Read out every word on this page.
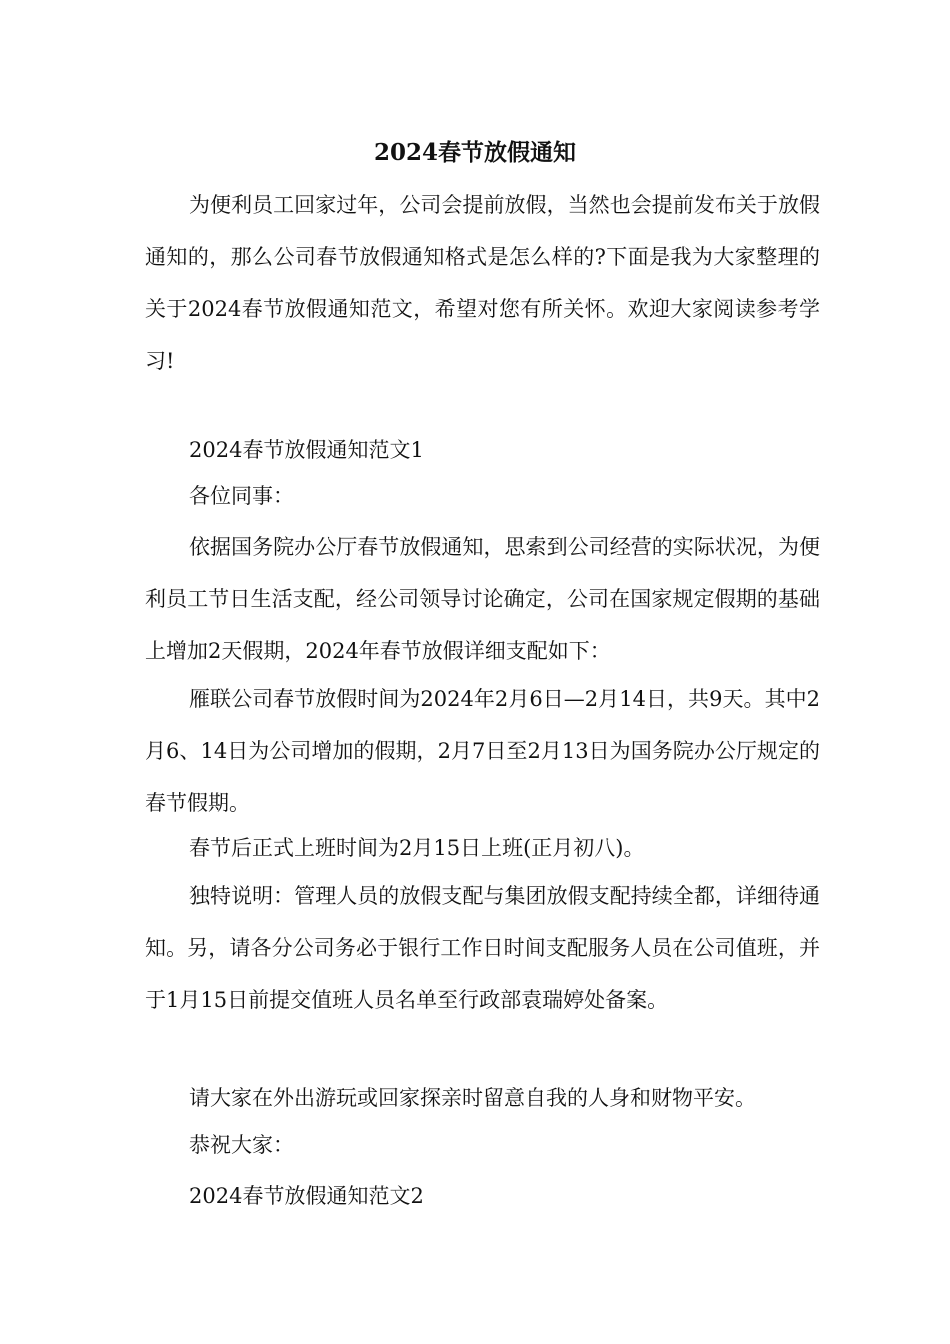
2024春节放假通知

为便利员工回家过年，公司会提前放假，当然也会提前发布关于放假通知的，那么公司春节放假通知格式是怎么样的?下面是我为大家整理的关于2024春节放假通知范文，希望对您有所关怀。欢迎大家阅读参考学习!

2024春节放假通知范文1

各位同事：

依据国务院办公厅春节放假通知，思索到公司经营的实际状况，为便利员工节日生活支配，经公司领导讨论确定，公司在国家规定假期的基础上增加2天假期，2024年春节放假详细支配如下：

雁联公司春节放假时间为2024年2月6日—2月14日，共9天。其中2月6、14日为公司增加的假期，2月7日至2月13日为国务院办公厅规定的春节假期。

春节后正式上班时间为2月15日上班(正月初八)。

独特说明：管理人员的放假支配与集团放假支配持续全都，详细待通知。另，请各分公司务必于银行工作日时间支配服务人员在公司值班，并于1月15日前提交值班人员名单至行政部袁瑞婷处备案。

请大家在外出游玩或回家探亲时留意自我的人身和财物平安。

恭祝大家：

2024春节放假通知范文2
